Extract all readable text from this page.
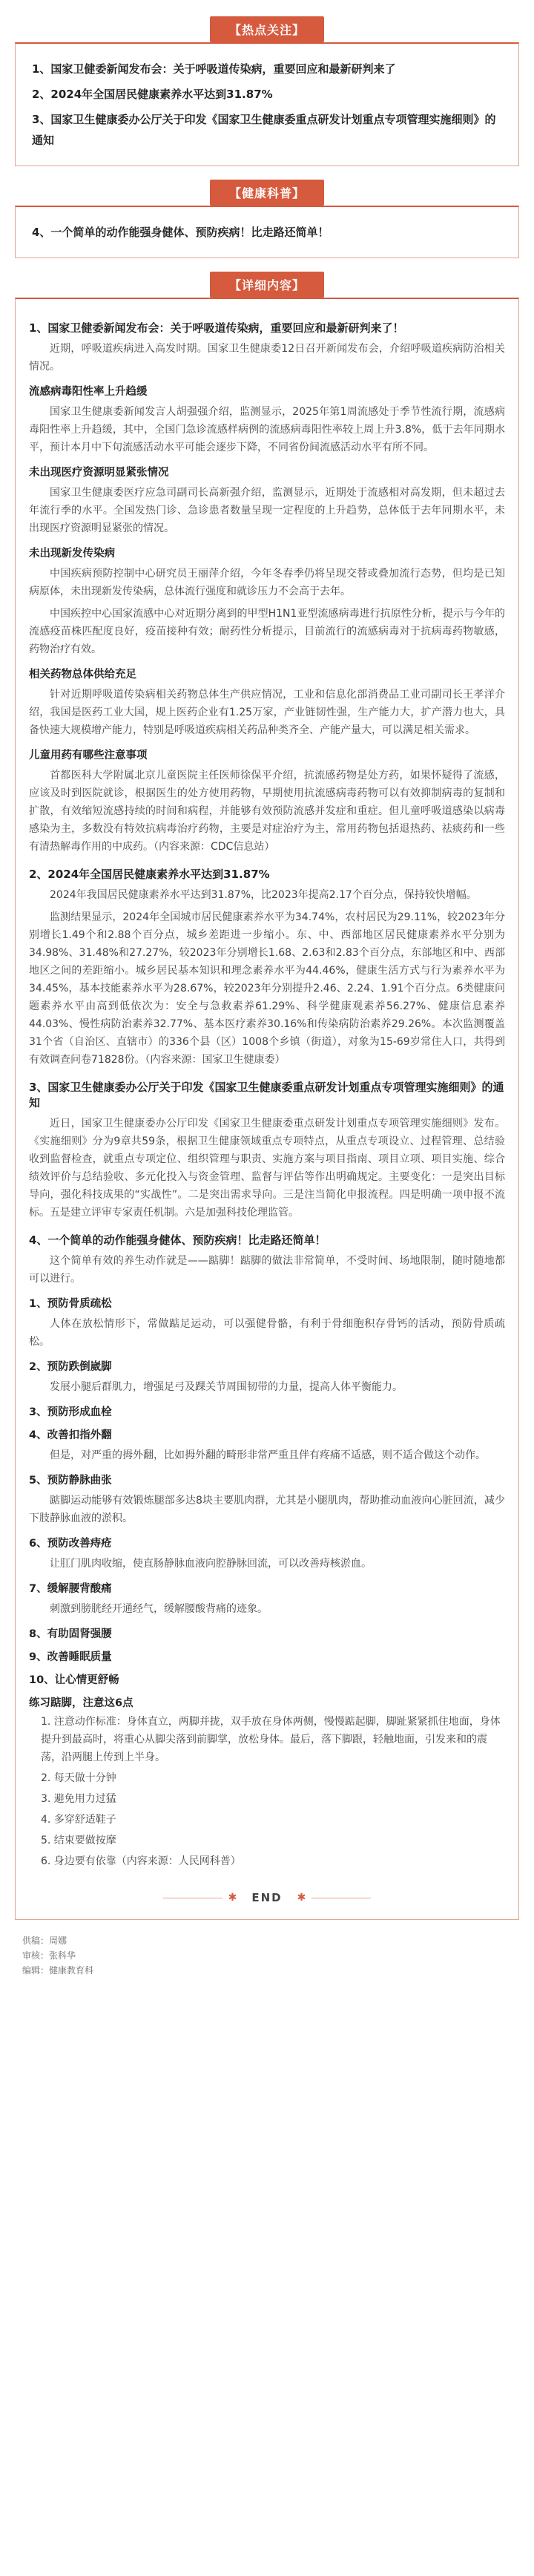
【热点关注】
1、国家卫健委新闻发布会：关于呼吸道传染病，重要回应和最新研判来了
2、2024年全国居民健康素养水平达到31.87%
3、国家卫生健康委办公厅关于印发《国家卫生健康委重点研发计划重点专项管理实施细则》的通知
【健康科普】
4、一个简单的动作能强身健体、预防疾病！比走路还简单！
【详细内容】
1、国家卫健委新闻发布会：关于呼吸道传染病，重要回应和最新研判来了！

近期，呼吸道疾病进入高发时期。国家卫生健康委12日召开新闻发布会，介绍呼吸道疾病防治相关情况。

流感病毒阳性率上升趋缓

国家卫生健康委新闻发言人胡强强介绍，监测显示，2025年第1周流感处于季节性流行期，流感病毒阳性率上升趋缓，其中，全国门急诊流感样病例的流感病毒阳性率较上周上升3.8%，低于去年同期水平，预计本月中下旬流感活动水平可能会逐步下降，不同省份间流感活动水平有所不同。

未出现医疗资源明显紧张情况

国家卫生健康委医疗应急司副司长高新强介绍，监测显示，近期处于流感相对高发期，但未超过去年流行季的水平。全国发热门诊、急诊患者数量呈现一定程度的上升趋势，总体低于去年同期水平，未出现医疗资源明显紧张的情况。

未出现新发传染病

中国疾病预防控制中心研究员王丽萍介绍，今年冬春季仍将呈现交替或叠加流行态势，但均是已知病原体，未出现新发传染病，总体流行强度和就诊压力不会高于去年。

中国疾控中心国家流感中心对近期分离到的甲型H1N1亚型流感病毒进行抗原性分析，提示与今年的流感疫苗株匹配度良好，疫苗接种有效；耐药性分析提示，目前流行的流感病毒对于抗病毒药物敏感，药物治疗有效。

相关药物总体供给充足

针对近期呼吸道传染病相关药物总体生产供应情况，工业和信息化部消费品工业司副司长王孝洋介绍，我国是医药工业大国，规上医药企业有1.25万家，产业链韧性强，生产能力大，扩产潜力也大，具备快速大规模增产能力，特别是呼吸道疾病相关药品种类齐全、产能产量大，可以满足相关需求。

儿童用药有哪些注意事项

首都医科大学附属北京儿童医院主任医师徐保平介绍，抗流感药物是处方药，如果怀疑得了流感，应该及时到医院就诊，根据医生的处方使用药物，早期使用抗流感病毒药物可以有效抑制病毒的复制和扩散，有效缩短流感持续的时间和病程，并能够有效预防流感并发症和重症。但儿童呼吸道感染以病毒感染为主，多数没有特效抗病毒治疗药物，主要是对症治疗为主，常用药物包括退热药、祛痰药和一些有清热解毒作用的中成药。（内容来源：CDC信息站）

2、2024年全国居民健康素养水平达到31.87%

2024年我国居民健康素养水平达到31.87%，比2023年提高2.17个百分点，保持较快增幅。

监测结果显示，2024年全国城市居民健康素养水平为34.74%，农村居民为29.11%，较2023年分别增长1.49个和2.88个百分点，城乡差距进一步缩小。东、中、西部地区居民健康素养水平分别为34.98%、31.48%和27.27%，较2023年分别增长1.68、2.63和2.83个百分点，东部地区和中、西部地区之间的差距缩小。城乡居民基本知识和理念素养水平为44.46%，健康生活方式与行为素养水平为34.45%，基本技能素养水平为28.67%，较2023年分别提升2.46、2.24、1.91个百分点。6类健康问题素养水平由高到低依次为：安全与急救素养61.29%、科学健康观素养56.27%、健康信息素养44.03%、慢性病防治素养32.77%、基本医疗素养30.16%和传染病防治素养29.26%。本次监测覆盖31个省（自治区、直辖市）的336个县（区）1008个乡镇（街道），对象为15-69岁常住人口，共得到有效调查问卷71828份。（内容来源：国家卫生健康委）

3、国家卫生健康委办公厅关于印发《国家卫生健康委重点研发计划重点专项管理实施细则》的通知

近日，国家卫生健康委办公厅印发《国家卫生健康委重点研发计划重点专项管理实施细则》发布。《实施细则》分为9章共59条，根据卫生健康领域重点专项特点，从重点专项设立、过程管理、总结验收到监督检查，就重点专项定位、组织管理与职责、实施方案与项目指南、项目立项、项目实施、综合绩效评价与总结验收、多元化投入与资金管理、监督与评估等作出明确规定。主要变化：一是突出目标导向，强化科技成果的“实战性”。二是突出需求导向。三是注当简化申报流程。四是明确一项申报不流标。五是建立评审专家责任机制。六是加强科技伦理监管。

4、一个简单的动作能强身健体、预防疾病！比走路还简单！

这个简单有效的养生动作就是——踮脚！踮脚的做法非常简单，不受时间、场地限制，随时随地都可以进行。

1、预防骨质疏松

人体在放松情形下，常做踮足运动，可以强健骨骼，有利于骨细胞积存骨钙的活动，预防骨质疏松。

2、预防跌倒崴脚

发展小腿后群肌力，增强足弓及踝关节周围韧带的力量，提高人体平衡能力。

3、预防形成血栓
4、改善扣指外翻

但是，对严重的拇外翻，比如拇外翻的畸形非常严重且伴有疼痛不适感，则不适合做这个动作。

5、预防静脉曲张

踮脚运动能够有效锻炼腿部多达8块主要肌肉群，尤其是小腿肌肉，帮助推动血液向心脏回流，减少下肢静脉血液的淤积。

6、预防改善痔疮

让肛门肌肉收缩，使直肠静脉血液向腔静脉回流，可以改善痔核淤血。

7、缓解腰背酸痛

刺激到膀胱经开通经气，缓解腰酸背痛的迹象。

8、有助固肾强腰
9、改善睡眠质量
10、让心情更舒畅
练习踮脚，注意这6点
1. 注意动作标准：身体直立，两脚并拢，双手放在身体两侧，慢慢踮起脚，脚趾紧紧抓住地面，身体提升到最高时，将重心从脚尖落到前脚掌，放松身体。最后，落下脚跟，轻触地面，引发来和的震荡，沿两腿上传到上半身。
2. 每天做十分钟
3. 避免用力过猛
4. 多穿舒适鞋子
5. 结束要做按摩
6. 身边要有依靠（内容来源：人民网科普）
✱ END ✱
供稿：周娜
审核：张科华
编辑：健康教育科
